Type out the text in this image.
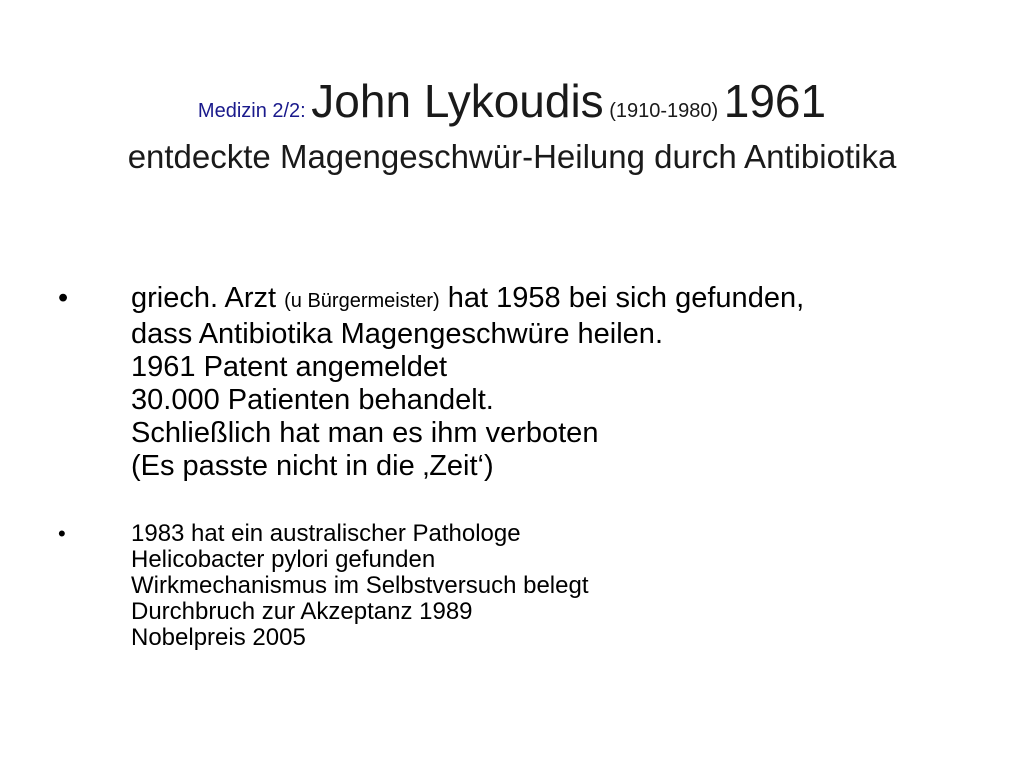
Medizin 2/2: John Lykoudis (1910-1980) 1961
entdeckte Magengeschwür-Heilung durch Antibiotika
•	griech. Arzt (u Bürgermeister) hat 1958 bei sich gefunden,
dass Antibiotika Magengeschwüre heilen.
1961 Patent angemeldet
30.000 Patienten behandelt.
Schließlich hat man es ihm verboten
(Es passte nicht in die ‚Zeit‘)
•	1983 hat ein australischer Pathologe
Helicobacter pylori gefunden
Wirkmechanismus im Selbstversuch belegt
Durchbruch zur Akzeptanz 1989
Nobelpreis 2005
